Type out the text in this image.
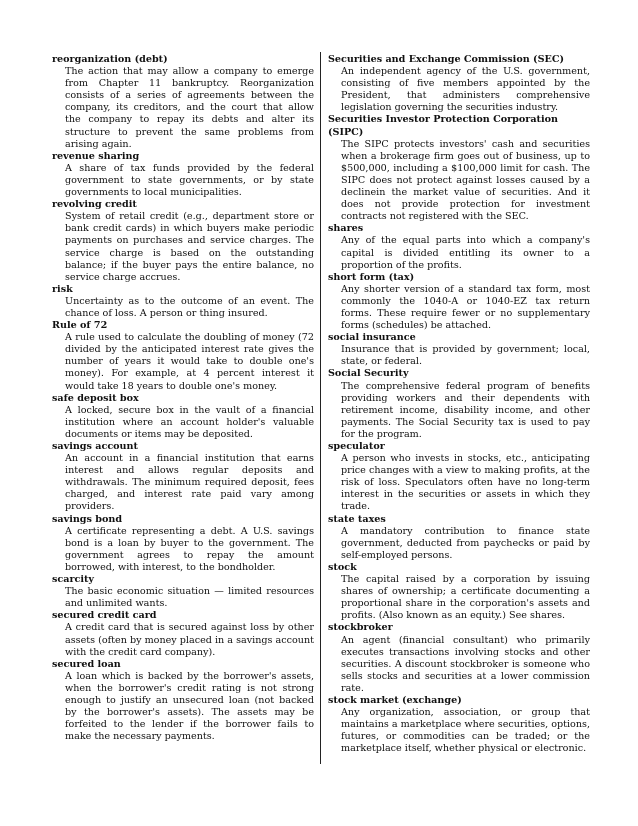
reorganization (debt)
The action that may allow a company to emerge from Chapter 11 bankruptcy. Reorganization consists of a series of agreements between the company, its creditors, and the court that allow the company to repay its debts and alter its structure to prevent the same problems from arising again.
revenue sharing
A share of tax funds provided by the federal government to state governments, or by state governments to local municipalities.
revolving credit
System of retail credit (e.g., department store or bank credit cards) in which buyers make periodic payments on purchases and service charges. The service charge is based on the outstanding balance; if the buyer pays the entire balance, no service charge accrues.
risk
Uncertainty as to the outcome of an event. The chance of loss. A person or thing insured.
Rule of 72
A rule used to calculate the doubling of money (72 divided by the anticipated interest rate gives the number of years it would take to double one's money). For example, at 4 percent interest it would take 18 years to double one's money.
safe deposit box
A locked, secure box in the vault of a financial institution where an account holder's valuable documents or items may be deposited.
savings account
An account in a financial institution that earns interest and allows regular deposits and withdrawals. The minimum required deposit, fees charged, and interest rate paid vary among providers.
savings bond
A certificate representing a debt. A U.S. savings bond is a loan by buyer to the government. The government agrees to repay the amount borrowed, with interest, to the bondholder.
scarcity
The basic economic situation — limited resources and unlimited wants.
secured credit card
A credit card that is secured against loss by other assets (often by money placed in a savings account with the credit card company).
secured loan
A loan which is backed by the borrower's assets, when the borrower's credit rating is not strong enough to justify an unsecured loan (not backed by the borrower's assets). The assets may be forfeited to the lender if the borrower fails to make the necessary payments.
Securities and Exchange Commission (SEC)
An independent agency of the U.S. government, consisting of five members appointed by the President, that administers comprehensive legislation governing the securities industry.
Securities Investor Protection Corporation (SIPC)
The SIPC protects investors' cash and securities when a brokerage firm goes out of business, up to $500,000, including a $100,000 limit for cash. The SIPC does not protect against losses caused by a declinein the market value of securities. And it does not provide protection for investment contracts not registered with the SEC.
shares
Any of the equal parts into which a company's capital is divided entitling its owner to a proportion of the profits.
short form (tax)
Any shorter version of a standard tax form, most commonly the 1040-A or 1040-EZ tax return forms. These require fewer or no supplementary forms (schedules) be attached.
social insurance
Insurance that is provided by government; local, state, or federal.
Social Security
The comprehensive federal program of benefits providing workers and their dependents with retirement income, disability income, and other payments. The Social Security tax is used to pay for the program.
speculator
A person who invests in stocks, etc., anticipating price changes with a view to making profits, at the risk of loss. Speculators often have no long-term interest in the securities or assets in which they trade.
state taxes
A mandatory contribution to finance state government, deducted from paychecks or paid by self-employed persons.
stock
The capital raised by a corporation by issuing shares of ownership; a certificate documenting a proportional share in the corporation's assets and profits. (Also known as an equity.) See shares.
stockbroker
An agent (financial consultant) who primarily executes transactions involving stocks and other securities. A discount stockbroker is someone who sells stocks and securities at a lower commission rate.
stock market (exchange)
Any organization, association, or group that maintains a marketplace where securities, options, futures, or commodities can be traded; or the marketplace itself, whether physical or electronic.
